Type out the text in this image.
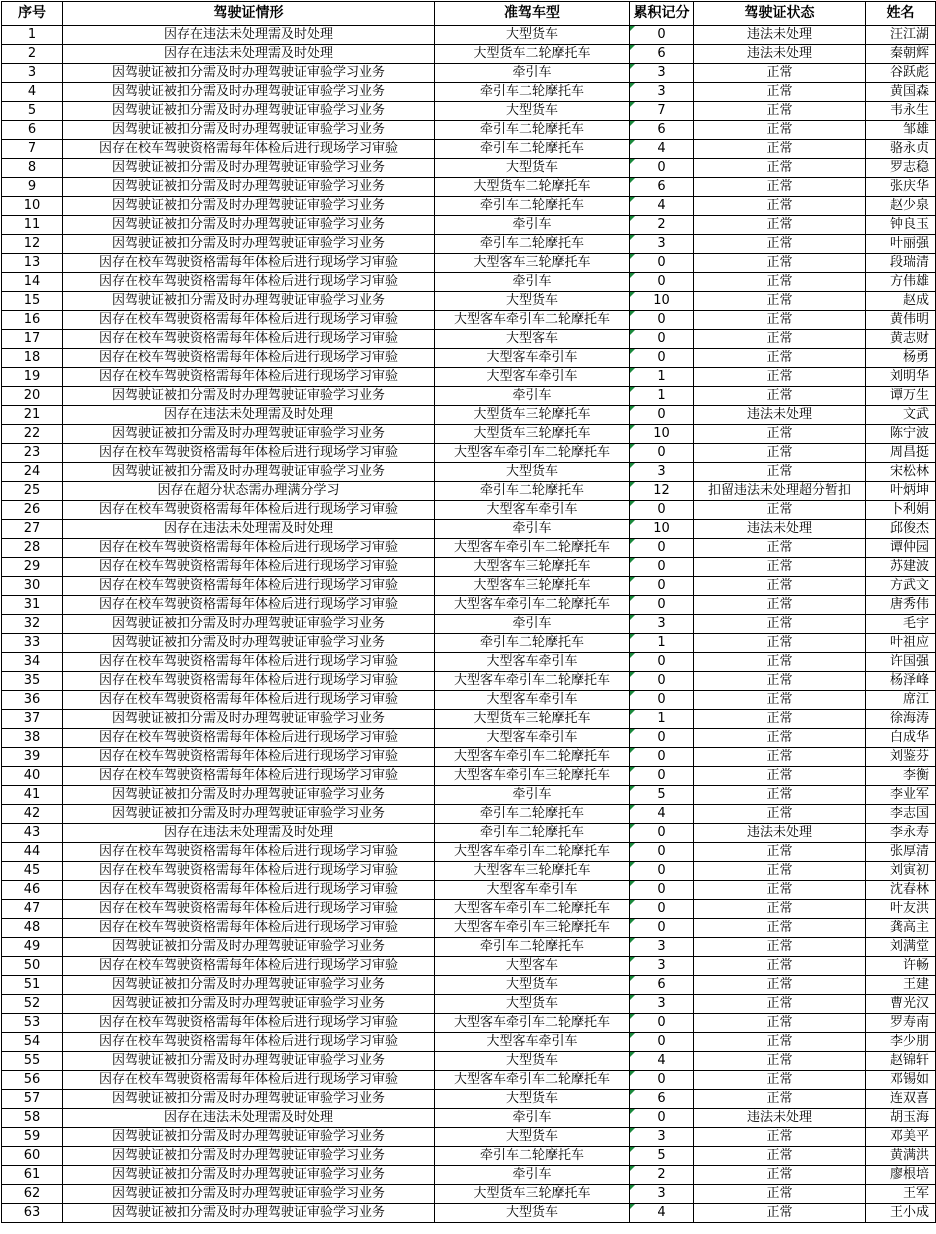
序号	驾驶证情形	准驾车型	累积记分	驾驶证状态	姓名
1	因存在违法未处理需及时处理	大型货车	0	违法未处理	汪江湖
2	因存在违法未处理需及时处理	大型货车二轮摩托车	6	违法未处理	秦朝辉
3	因驾驶证被扣分需及时办理驾驶证审验学习业务	牵引车	3	正常	谷跃彪
4	因驾驶证被扣分需及时办理驾驶证审验学习业务	牵引车二轮摩托车	3	正常	黄国森
5	因驾驶证被扣分需及时办理驾驶证审验学习业务	大型货车	7	正常	韦永生
6	因驾驶证被扣分需及时办理驾驶证审验学习业务	牵引车二轮摩托车	6	正常	邹雄
7	因存在校车驾驶资格需每年体检后进行现场学习审验	牵引车二轮摩托车	4	正常	骆永贞
8	因驾驶证被扣分需及时办理驾驶证审验学习业务	大型货车	0	正常	罗志稳
9	因驾驶证被扣分需及时办理驾驶证审验学习业务	大型货车二轮摩托车	6	正常	张庆华
10	因驾驶证被扣分需及时办理驾驶证审验学习业务	牵引车二轮摩托车	4	正常	赵少泉
11	因驾驶证被扣分需及时办理驾驶证审验学习业务	牵引车	2	正常	钟良玉
12	因驾驶证被扣分需及时办理驾驶证审验学习业务	牵引车二轮摩托车	3	正常	叶丽强
13	因存在校车驾驶资格需每年体检后进行现场学习审验	大型客车三轮摩托车	0	正常	段瑞清
14	因存在校车驾驶资格需每年体检后进行现场学习审验	牵引车	0	正常	方伟雄
15	因驾驶证被扣分需及时办理驾驶证审验学习业务	大型货车	10	正常	赵成
16	因存在校车驾驶资格需每年体检后进行现场学习审验	大型客车牵引车二轮摩托车	0	正常	黄伟明
17	因存在校车驾驶资格需每年体检后进行现场学习审验	大型客车	0	正常	黄志财
18	因存在校车驾驶资格需每年体检后进行现场学习审验	大型客车牵引车	0	正常	杨勇
19	因存在校车驾驶资格需每年体检后进行现场学习审验	大型客车牵引车	1	正常	刘明华
20	因驾驶证被扣分需及时办理驾驶证审验学习业务	牵引车	1	正常	谭万生
21	因存在违法未处理需及时处理	大型货车三轮摩托车	0	违法未处理	文武
22	因驾驶证被扣分需及时办理驾驶证审验学习业务	大型货车三轮摩托车	10	正常	陈宁波
23	因存在校车驾驶资格需每年体检后进行现场学习审验	大型客车牵引车二轮摩托车	0	正常	周昌挺
24	因驾驶证被扣分需及时办理驾驶证审验学习业务	大型货车	3	正常	宋松林
25	因存在超分状态需办理满分学习	牵引车二轮摩托车	12	扣留违法未处理超分暂扣	叶炳坤
26	因存在校车驾驶资格需每年体检后进行现场学习审验	大型客车牵引车	0	正常	卜利娟
27	因存在违法未处理需及时处理	牵引车	10	违法未处理	邱俊杰
28	因存在校车驾驶资格需每年体检后进行现场学习审验	大型客车牵引车二轮摩托车	0	正常	谭仲园
29	因存在校车驾驶资格需每年体检后进行现场学习审验	大型客车三轮摩托车	0	正常	苏建波
30	因存在校车驾驶资格需每年体检后进行现场学习审验	大型客车三轮摩托车	0	正常	方武文
31	因存在校车驾驶资格需每年体检后进行现场学习审验	大型客车牵引车二轮摩托车	0	正常	唐秀伟
32	因驾驶证被扣分需及时办理驾驶证审验学习业务	牵引车	3	正常	毛宇
33	因驾驶证被扣分需及时办理驾驶证审验学习业务	牵引车二轮摩托车	1	正常	叶祖应
34	因存在校车驾驶资格需每年体检后进行现场学习审验	大型客车牵引车	0	正常	许国强
35	因存在校车驾驶资格需每年体检后进行现场学习审验	大型客车牵引车二轮摩托车	0	正常	杨泽峰
36	因存在校车驾驶资格需每年体检后进行现场学习审验	大型客车牵引车	0	正常	席江
37	因驾驶证被扣分需及时办理驾驶证审验学习业务	大型货车三轮摩托车	1	正常	徐海涛
38	因存在校车驾驶资格需每年体检后进行现场学习审验	大型客车牵引车	0	正常	白成华
39	因存在校车驾驶资格需每年体检后进行现场学习审验	大型客车牵引车二轮摩托车	0	正常	刘鉴芬
40	因存在校车驾驶资格需每年体检后进行现场学习审验	大型客车牵引车三轮摩托车	0	正常	李衡
41	因驾驶证被扣分需及时办理驾驶证审验学习业务	牵引车	5	正常	李业军
42	因驾驶证被扣分需及时办理驾驶证审验学习业务	牵引车二轮摩托车	4	正常	李志国
43	因存在违法未处理需及时处理	牵引车二轮摩托车	0	违法未处理	李永寿
44	因存在校车驾驶资格需每年体检后进行现场学习审验	大型客车牵引车二轮摩托车	0	正常	张厚清
45	因存在校车驾驶资格需每年体检后进行现场学习审验	大型客车三轮摩托车	0	正常	刘寅初
46	因存在校车驾驶资格需每年体检后进行现场学习审验	大型客车牵引车	0	正常	沈春林
47	因存在校车驾驶资格需每年体检后进行现场学习审验	大型客车牵引车二轮摩托车	0	正常	叶友洪
48	因存在校车驾驶资格需每年体检后进行现场学习审验	大型客车牵引车三轮摩托车	0	正常	龚高主
49	因驾驶证被扣分需及时办理驾驶证审验学习业务	牵引车二轮摩托车	3	正常	刘满堂
50	因存在校车驾驶资格需每年体检后进行现场学习审验	大型客车	3	正常	许畅
51	因驾驶证被扣分需及时办理驾驶证审验学习业务	大型货车	6	正常	王建
52	因驾驶证被扣分需及时办理驾驶证审验学习业务	大型货车	3	正常	曹光汉
53	因存在校车驾驶资格需每年体检后进行现场学习审验	大型客车牵引车二轮摩托车	0	正常	罗寿南
54	因存在校车驾驶资格需每年体检后进行现场学习审验	大型客车牵引车	0	正常	李少朋
55	因驾驶证被扣分需及时办理驾驶证审验学习业务	大型货车	4	正常	赵锦轩
56	因存在校车驾驶资格需每年体检后进行现场学习审验	大型客车牵引车二轮摩托车	0	正常	邓锡如
57	因驾驶证被扣分需及时办理驾驶证审验学习业务	大型货车	6	正常	连双喜
58	因存在违法未处理需及时处理	牵引车	0	违法未处理	胡玉海
59	因驾驶证被扣分需及时办理驾驶证审验学习业务	大型货车	3	正常	邓美平
60	因驾驶证被扣分需及时办理驾驶证审验学习业务	牵引车二轮摩托车	5	正常	黄满洪
61	因驾驶证被扣分需及时办理驾驶证审验学习业务	牵引车	2	正常	廖根培
62	因驾驶证被扣分需及时办理驾驶证审验学习业务	大型货车三轮摩托车	3	正常	王军
63	因驾驶证被扣分需及时办理驾驶证审验学习业务	大型货车	4	正常	王小成
